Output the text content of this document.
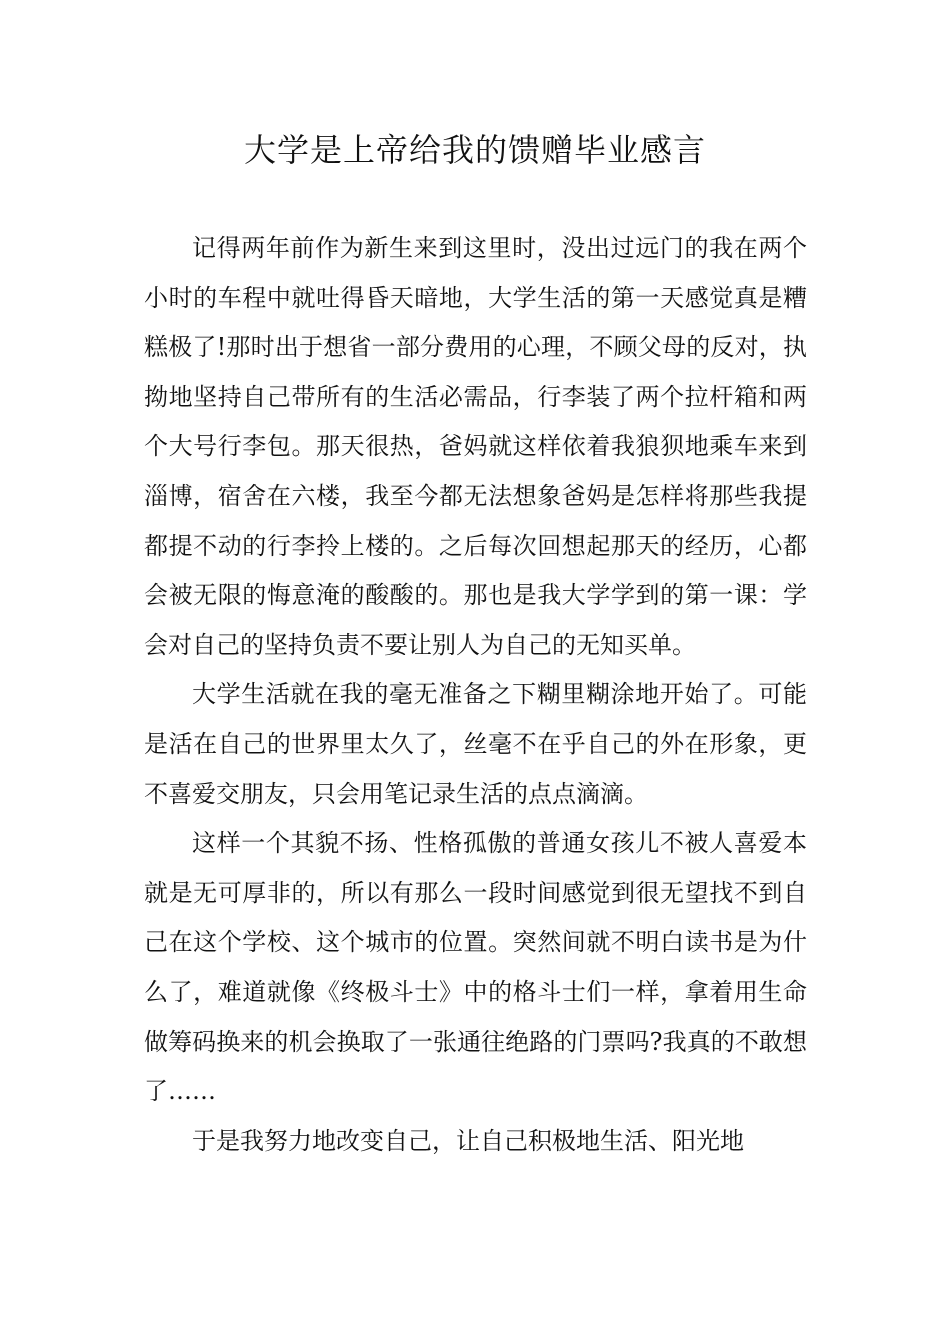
大学是上帝给我的馈赠毕业感言

记得两年前作为新生来到这里时，没出过远门的我在两个小时的车程中就吐得昏天暗地，大学生活的第一天感觉真是糟糕极了!那时出于想省一部分费用的心理，不顾父母的反对，执拗地坚持自己带所有的生活必需品，行李装了两个拉杆箱和两个大号行李包。那天很热，爸妈就这样依着我狼狈地乘车来到淄博，宿舍在六楼，我至今都无法想象爸妈是怎样将那些我提都提不动的行李拎上楼的。之后每次回想起那天的经历，心都会被无限的悔意淹的酸酸的。那也是我大学学到的第一课：学会对自己的坚持负责不要让别人为自己的无知买单。

大学生活就在我的毫无准备之下糊里糊涂地开始了。可能是活在自己的世界里太久了，丝毫不在乎自己的外在形象，更不喜爱交朋友，只会用笔记录生活的点点滴滴。

这样一个其貌不扬、性格孤傲的普通女孩儿不被人喜爱本就是无可厚非的，所以有那么一段时间感觉到很无望找不到自己在这个学校、这个城市的位置。突然间就不明白读书是为什么了，难道就像《终极斗士》中的格斗士们一样，拿着用生命做筹码换来的机会换取了一张通往绝路的门票吗?我真的不敢想了……

于是我努力地改变自己，让自己积极地生活、阳光地
